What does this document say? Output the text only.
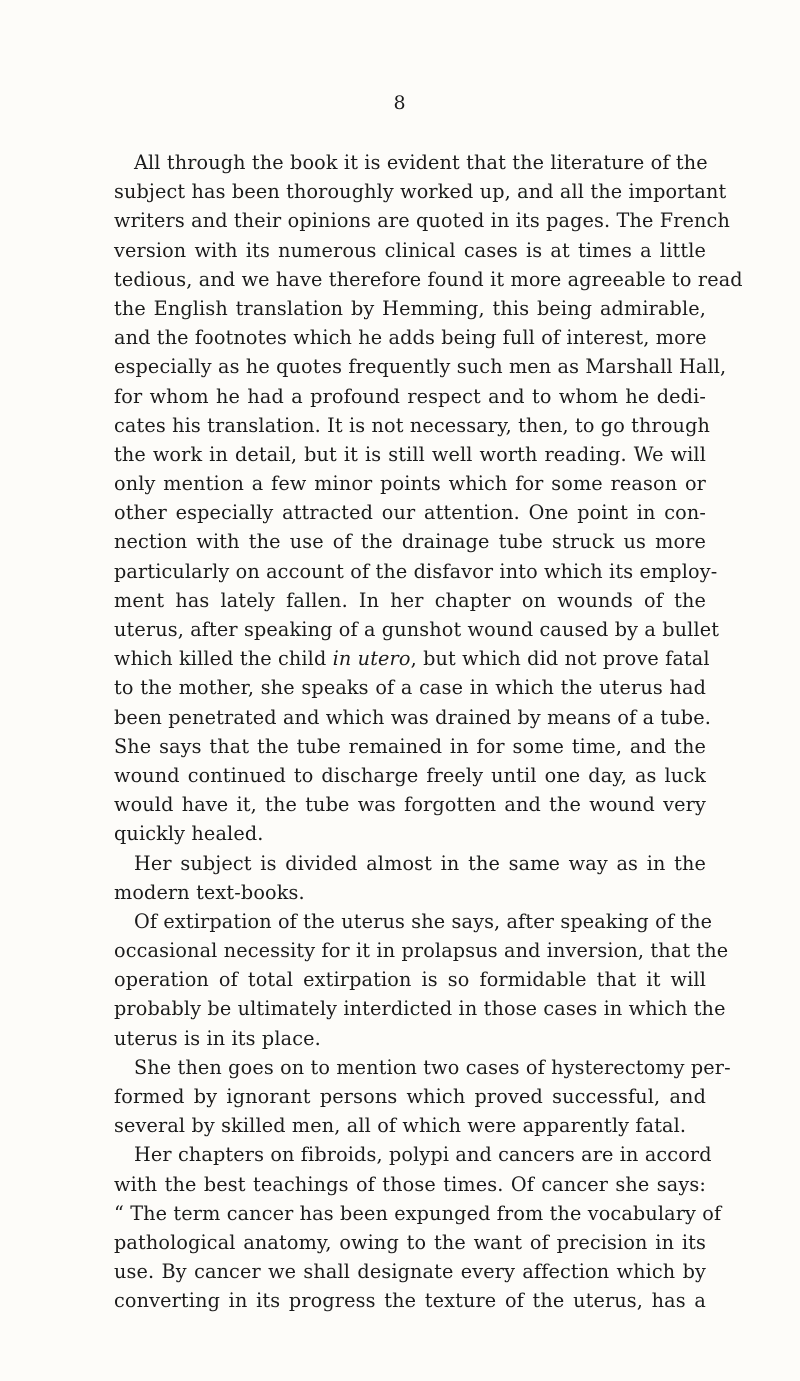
8
All through the book it is evident that the literature of the
subject has been thoroughly worked up, and all the important
writers and their opinions are quoted in its pages. The French
version with its numerous clinical cases is at times a little
tedious, and we have therefore found it more agreeable to read
the English translation by Hemming, this being admirable,
and the footnotes which he adds being full of interest, more
especially as he quotes frequently such men as Marshall Hall,
for whom he had a profound respect and to whom he dedi-
cates his translation. It is not necessary, then, to go through
the work in detail, but it is still well worth reading. We will
only mention a few minor points which for some reason or
other especially attracted our attention. One point in con-
nection with the use of the drainage tube struck us more
particularly on account of the disfavor into which its employ-
ment has lately fallen. In her chapter on wounds of the
uterus, after speaking of a gunshot wound caused by a bullet
which killed the child in utero, but which did not prove fatal
to the mother, she speaks of a case in which the uterus had
been penetrated and which was drained by means of a tube.
She says that the tube remained in for some time, and the
wound continued to discharge freely until one day, as luck
would have it, the tube was forgotten and the wound very
quickly healed.
Her subject is divided almost in the same way as in the
modern text-books.
Of extirpation of the uterus she says, after speaking of the
occasional necessity for it in prolapsus and inversion, that the
operation of total extirpation is so formidable that it will
probably be ultimately interdicted in those cases in which the
uterus is in its place.
She then goes on to mention two cases of hysterectomy per-
formed by ignorant persons which proved successful, and
several by skilled men, all of which were apparently fatal.
Her chapters on fibroids, polypi and cancers are in accord
with the best teachings of those times. Of cancer she says:
“ The term cancer has been expunged from the vocabulary of
pathological anatomy, owing to the want of precision in its
use. By cancer we shall designate every affection which by
converting in its progress the texture of the uterus, has a
